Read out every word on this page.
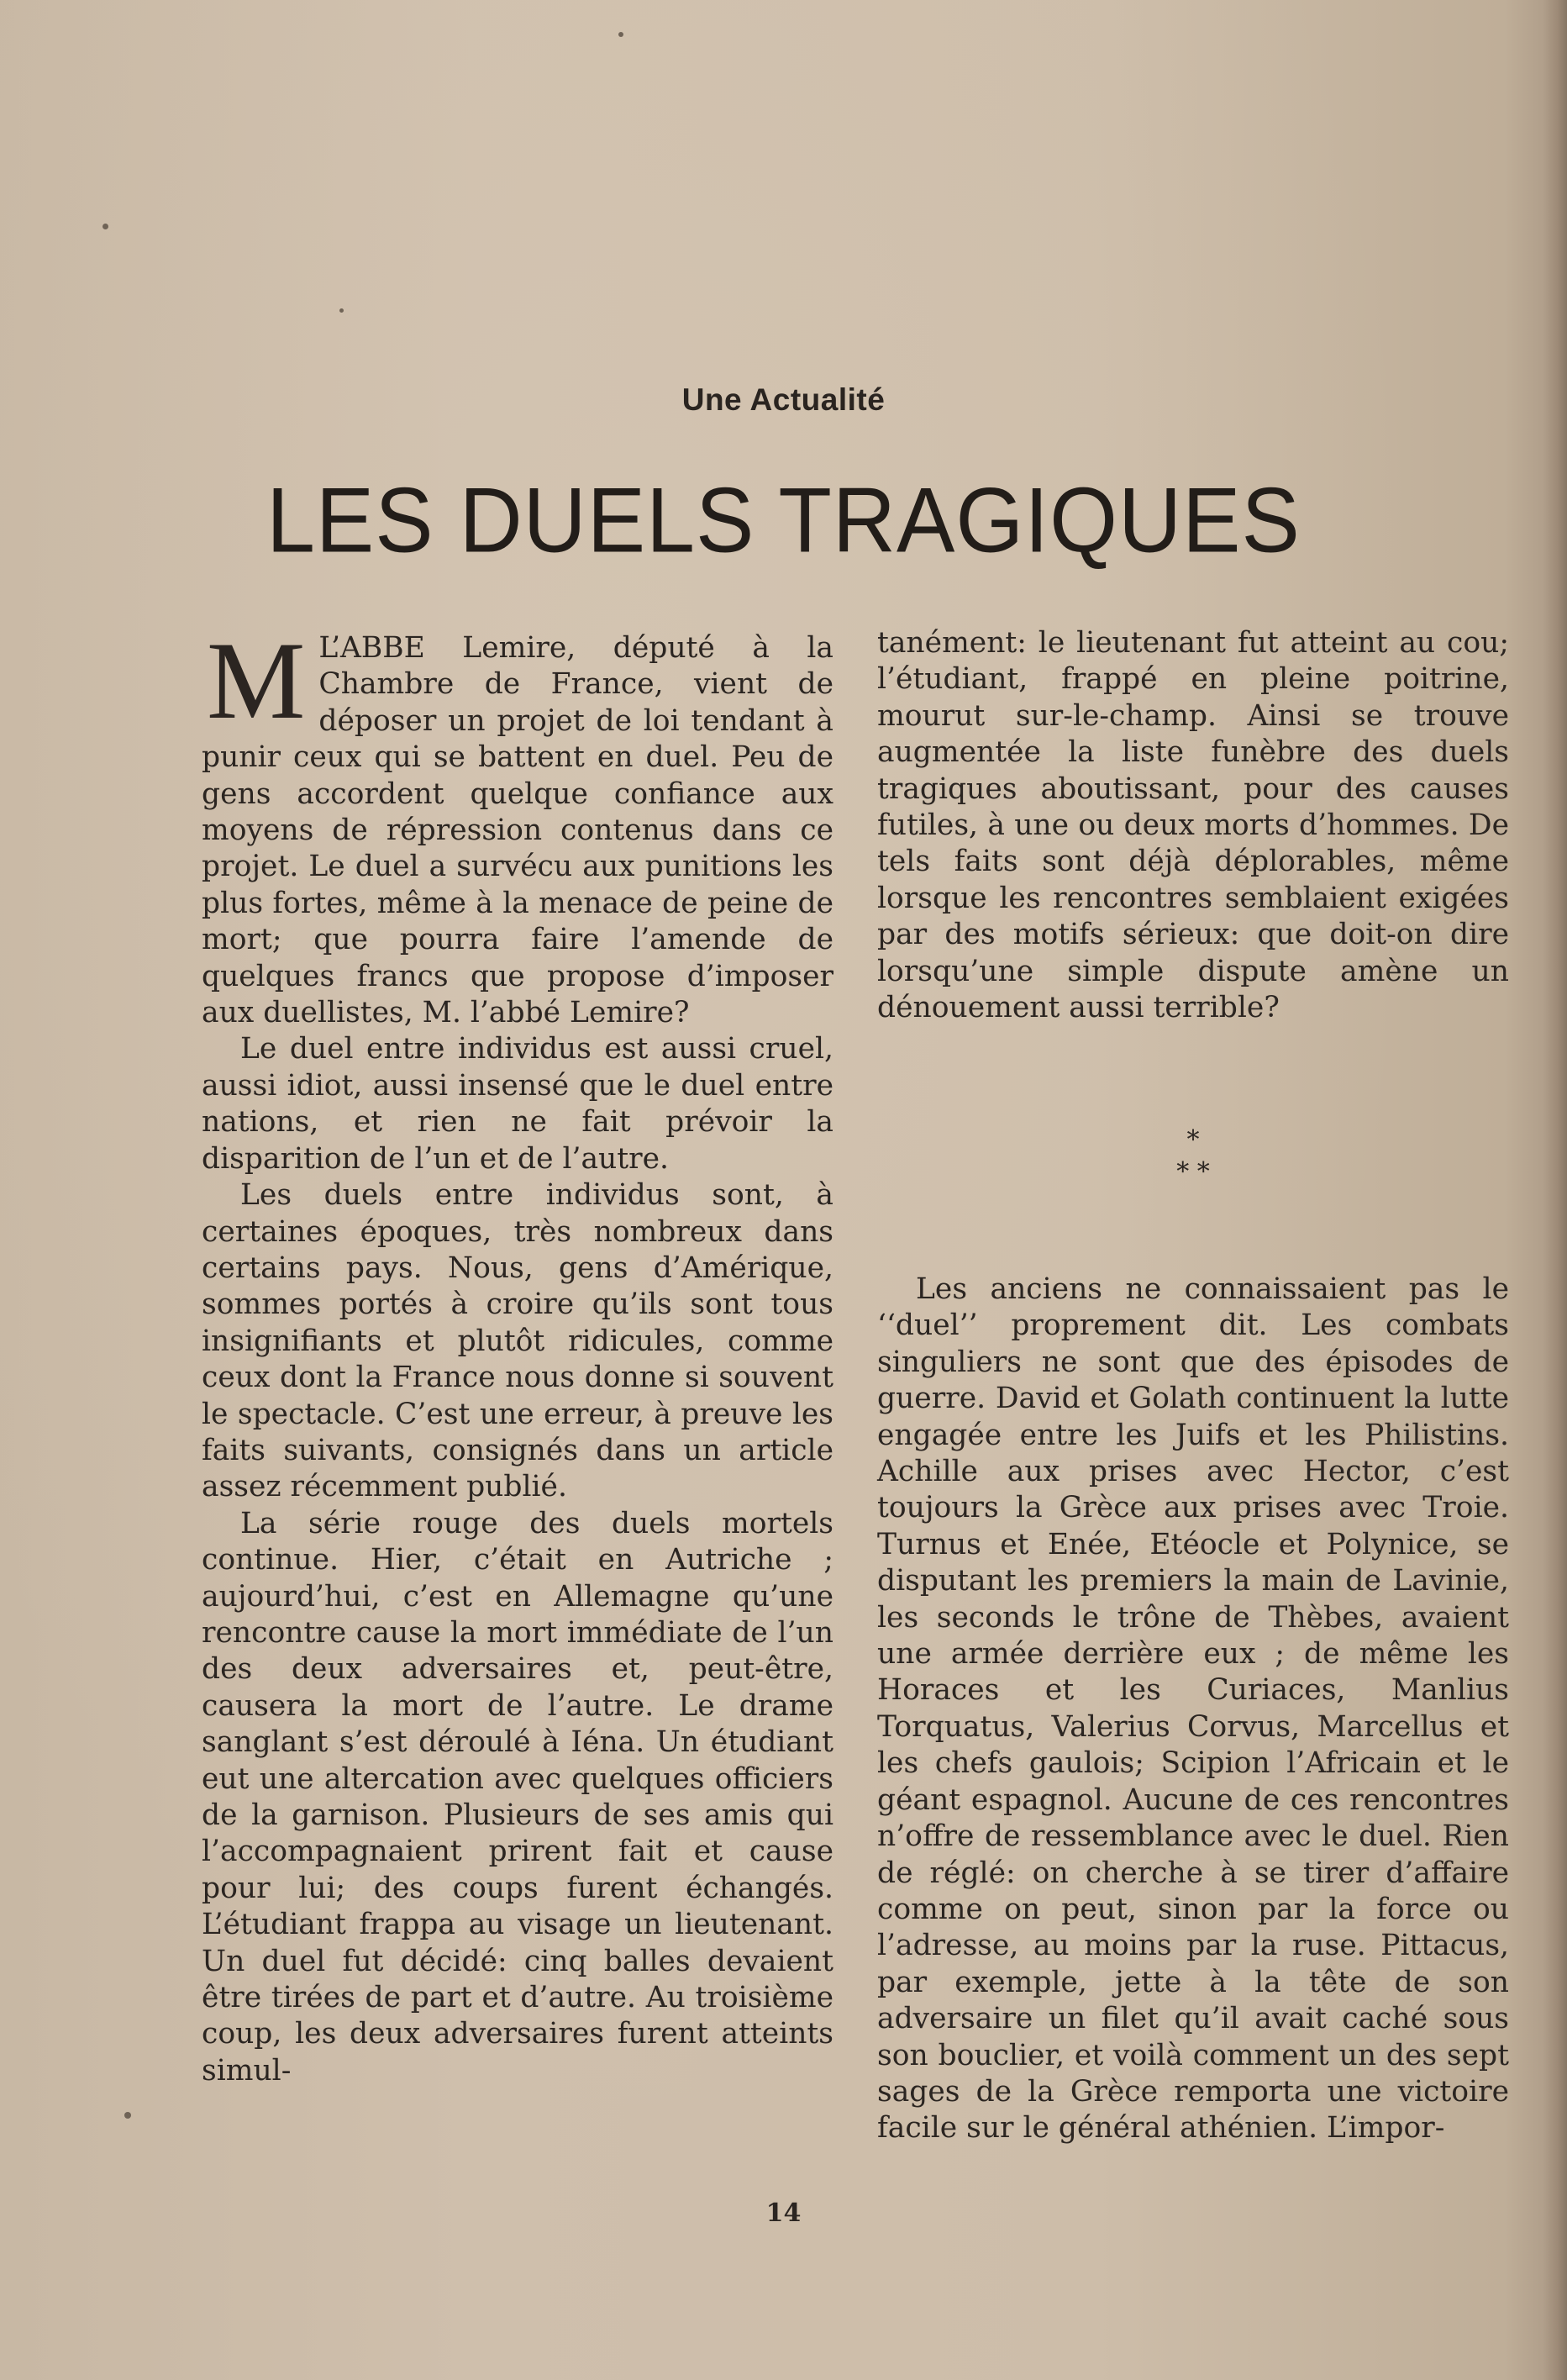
Une Actualité
LES DUELS TRAGIQUES

M L’ABBE Lemire, député à la Chambre de France, vient de déposer un projet de loi tendant à punir ceux qui se battent en duel. Peu de gens accordent quelque confiance aux moyens de répression contenus dans ce projet. Le duel a survécu aux punitions les plus fortes, même à la menace de peine de mort; que pourra faire l’amende de quelques francs que propose d’imposer aux duellistes, M. l’abbé Lemire?

Le duel entre individus est aussi cruel, aussi idiot, aussi insensé que le duel entre nations, et rien ne fait prévoir la disparition de l’un et de l’autre.

Les duels entre individus sont, à certaines époques, très nombreux dans certains pays. Nous, gens d’Amérique, sommes portés à croire qu’ils sont tous insignifiants et plutôt ridicules, comme ceux dont la France nous donne si souvent le spectacle. C’est une erreur, à preuve les faits suivants, consignés dans un article assez récemment publié.

La série rouge des duels mortels continue. Hier, c’était en Autriche ; aujourd’hui, c’est en Allemagne qu’une rencontre cause la mort immédiate de l’un des deux adversaires et, peut-être, causera la mort de l’autre. Le drame sanglant s’est déroulé à Iéna. Un étudiant eut une altercation avec quelques officiers de la garnison. Plusieurs de ses amis qui l’accompagnaient prirent fait et cause pour lui; des coups furent échangés. L’étudiant frappa au visage un lieutenant. Un duel fut décidé: cinq balles devaient être tirées de part et d’autre. Au troisième coup, les deux adversaires furent atteints simul-

tanément: le lieutenant fut atteint au cou; l’étudiant, frappé en pleine poitrine, mourut sur-le-champ. Ainsi se trouve augmentée la liste funèbre des duels tragiques aboutissant, pour des causes futiles, à une ou deux morts d’hommes. De tels faits sont déjà déplorables, même lorsque les rencontres semblaient exigées par des motifs sérieux: que doit-on dire lorsqu’une simple dispute amène un dénouement aussi terrible?

*
* *

Les anciens ne connaissaient pas le ‘‘duel’’ proprement dit. Les combats singuliers ne sont que des épisodes de guerre. David et Golath continuent la lutte engagée entre les Juifs et les Philistins. Achille aux prises avec Hector, c’est toujours la Grèce aux prises avec Troie. Turnus et Enée, Etéocle et Polynice, se disputant les premiers la main de Lavinie, les seconds le trône de Thèbes, avaient une armée derrière eux ; de même les Horaces et les Curiaces, Manlius Torquatus, Valerius Corvus, Marcellus et les chefs gaulois; Scipion l’Africain et le géant espagnol. Aucune de ces rencontres n’offre de ressemblance avec le duel. Rien de réglé: on cherche à se tirer d’affaire comme on peut, sinon par la force ou l’adresse, au moins par la ruse. Pittacus, par exemple, jette à la tête de son adversaire un filet qu’il avait caché sous son bouclier, et voilà comment un des sept sages de la Grèce remporta une victoire facile sur le général athénien. L’impor-

14
